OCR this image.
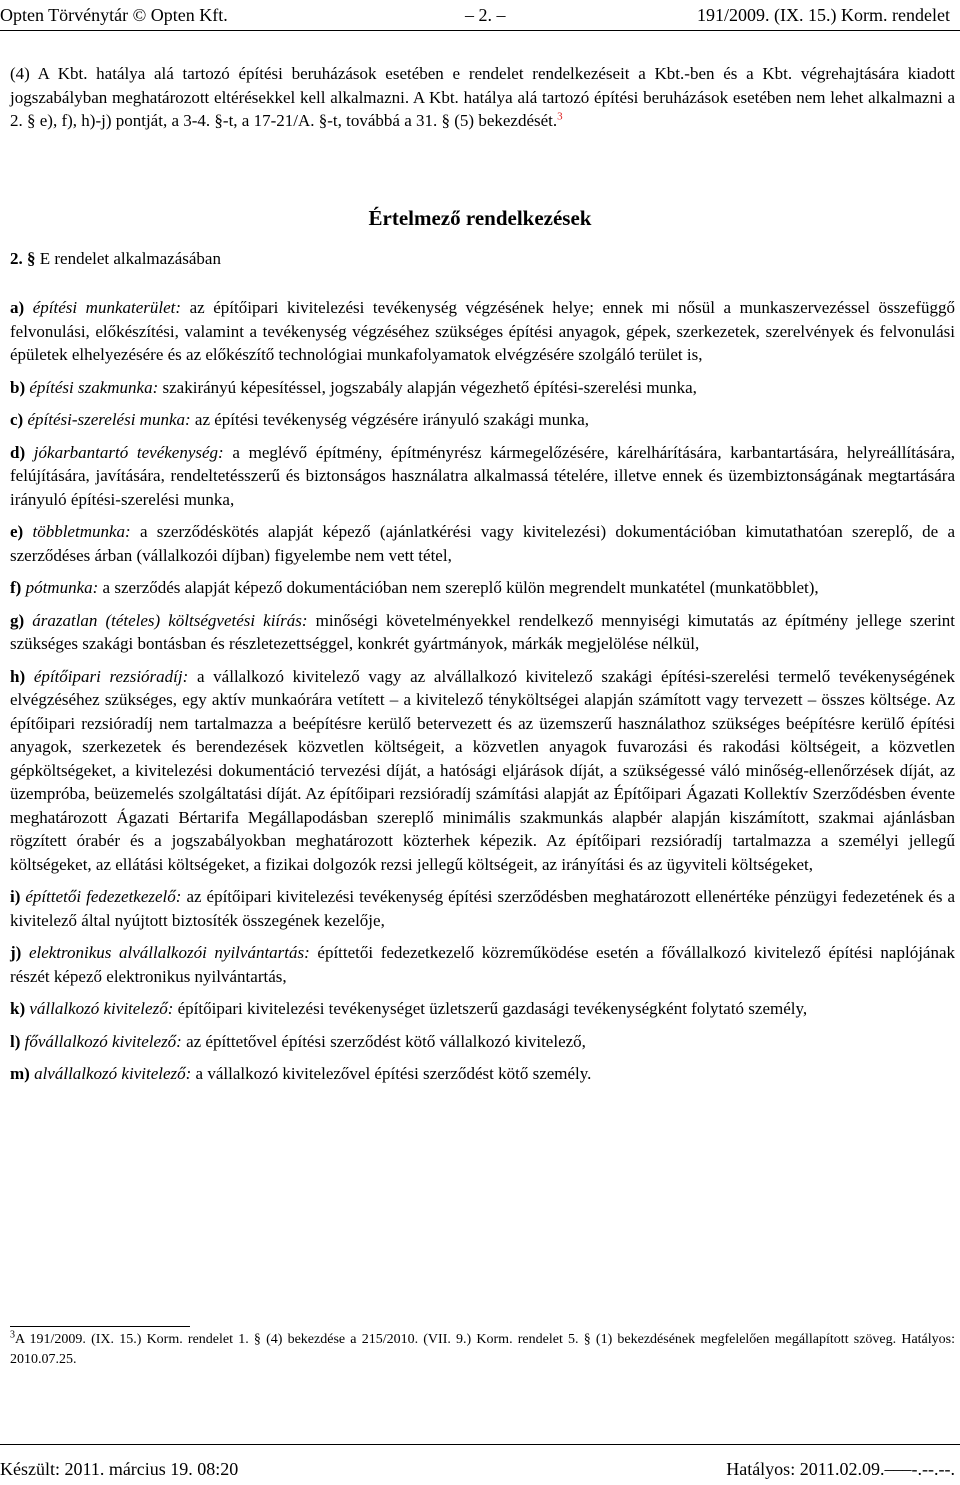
Opten Törvénytár © Opten Kft.	– 2. –	191/2009. (IX. 15.) Korm. rendelet

(4) A Kbt. hatálya alá tartozó építési beruházások esetében e rendelet rendelkezéseit a Kbt.-ben és a Kbt. végrehajtására kiadott jogszabályban meghatározott eltérésekkel kell alkalmazni. A Kbt. hatálya alá tartozó építési beruházások esetében nem lehet alkalmazni a 2. § e), f), h)-j) pontját, a 3-4. §-t, a 17-21/A. §-t, továbbá a 31. § (5) bekezdését.$^3$

Értelmező rendelkezések

2. § E rendelet alkalmazásában

a) építési munkaterület: az építőipari kivitelezési tevékenység végzésének helye; ennek mi nősül a munkaszervezéssel összefüggő felvonulási, előkészítési, valamint a tevékenység végzéséhez szükséges építési anyagok, gépek, szerkezetek, szerelvények és felvonulási épületek elhelyezésére és az előkészítő technológiai munkafolyamatok elvégzésére szolgáló terület is,
b) építési szakmunka: szakirányú képesítéssel, jogszabály alapján végezhető építési-szerelési munka,
c) építési-szerelési munka: az építési tevékenység végzésére irányuló szakági munka,
d) jókarbantartó tevékenység: a meglévő építmény, építményrész kármegelőzésére, kárelhárítására, karbantartására, helyreállítására, felújítására, javítására, rendeltetésszerű és biztonságos használatra alkalmassá tételére, illetve ennek és üzembiztonságának megtartására irányuló építési-szerelési munka,
e) többletmunka: a szerződéskötés alapját képező (ajánlatkérési vagy kivitelezési) dokumentációban kimutathatóan szereplő, de a szerződéses árban (vállalkozói díjban) figyelembe nem vett tétel,
f) pótmunka: a szerződés alapját képező dokumentációban nem szereplő külön megrendelt munkatétel (munkatöbblet),
g) árazatlan (tételes) költségvetési kiírás: minőségi követelményekkel rendelkező mennyiségi kimutatás az építmény jellege szerint szükséges szakági bontásban és részletezettséggel, konkrét gyártmányok, márkák megjelölése nélkül,
h) építőipari rezsióradíj: a vállalkozó kivitelező vagy az alvállalkozó kivitelező szakági építési-szerelési termelő tevékenységének elvégzéséhez szükséges, egy aktív munkaórára vetített – a kivitelező tényköltségei alapján számított vagy tervezett – összes költsége. Az építőipari rezsióradíj nem tartalmazza a beépítésre kerülő betervezett és az üzemszerű használathoz szükséges beépítésre kerülő építési anyagok, szerkezetek és berendezések közvetlen költségeit, a közvetlen anyagok fuvarozási és rakodási költségeit, a közvetlen gépköltségeket, a kivitelezési dokumentáció tervezési díját, a hatósági eljárások díját, a szükségessé váló minőség-ellenőrzések díját, az üzempróba, beüzemelés szolgáltatási díját. Az építőipari rezsióradíj számítási alapját az Építőipari Ágazati Kollektív Szerződésben évente meghatározott Ágazati Bértarifa Megállapodásban szereplő minimális szakmunkás alapbér alapján kiszámított, szakmai ajánlásban rögzített órabér és a jogszabályokban meghatározott közterhek képezik. Az építőipari rezsióradíj tartalmazza a személyi jellegű költségeket, az ellátási költségeket, a fizikai dolgozók rezsi jellegű költségeit, az irányítási és az ügyviteli költségeket,
i) építtetői fedezetkezelő: az építőipari kivitelezési tevékenység építési szerződésben meghatározott ellenértéke pénzügyi fedezetének és a kivitelező által nyújtott biztosíték összegének kezelője,
j) elektronikus alvállalkozói nyilvántartás: építtetői fedezetkezelő közreműködése esetén a fővállalkozó kivitelező építési naplójának részét képező elektronikus nyilvántartás,
k) vállalkozó kivitelező: építőipari kivitelezési tevékenységet üzletszerű gazdasági tevékenységként folytató személy,
l) fővállalkozó kivitelező: az építtetővel építési szerződést kötő vállalkozó kivitelező,
m) alvállalkozó kivitelező: a vállalkozó kivitelezővel építési szerződést kötő személy.

$^3$A 191/2009. (IX. 15.) Korm. rendelet 1. § (4) bekezdése a 215/2010. (VII. 9.) Korm. rendelet 5. § (1) bekezdésének megfelelően megállapított szöveg. Hatályos: 2010.07.25.

Készült: 2011. március 19. 08:20	Hatályos: 2011.02.09.–––-.--.--.
